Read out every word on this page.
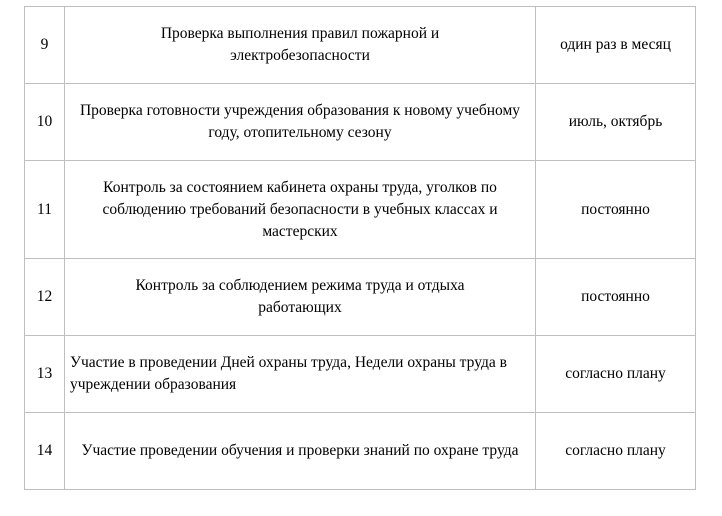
9	Проверка выполнения правил пожарной и электробезопасности	один раз в месяц
10	Проверка готовности учреждения образования к новому учебному году, отопительному сезону	июль, октябрь
11	Контроль за состоянием кабинета охраны труда, уголков по соблюдению требований безопасности в учебных классах и мастерских	постоянно
12	Контроль за соблюдением режима труда и отдыха работающих	постоянно
13	Участие в проведении Дней охраны труда, Недели охраны труда в учреждении образования	согласно плану
14	Участие проведении обучения и проверки знаний по охране труда	согласно плану
